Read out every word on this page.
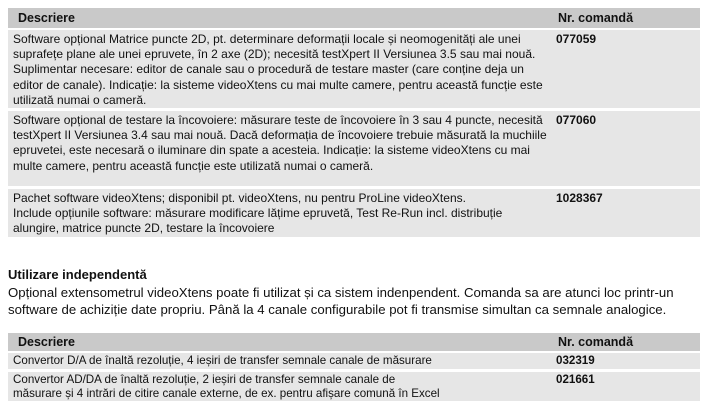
Descriere	Nr. comandă
Software opțional Matrice puncte 2D, pt. determinare deformații locale și neomogenități ale unei suprafețe plane ale unei epruvete, în 2 axe (2D); necesită testXpert II Versiunea 3.5 sau mai nouă. Suplimentar necesare: editor de canale sau o procedură de testare master (care conține deja un editor de canale). Indicație: la sisteme videoXtens cu mai multe camere, pentru această funcție este utilizată numai o cameră.	077059
Software opțional de testare la încovoiere: măsurare teste de încovoiere în 3 sau 4 puncte, necesită testXpert II Versiunea 3.4 sau mai nouă. Dacă deformația de încovoiere trebuie măsurată la muchiile epruvetei, este necesară o iluminare din spate a acesteia. Indicație: la sisteme videoXtens cu mai multe camere, pentru această funcție este utilizată numai o cameră.	077060
Pachet software videoXtens; disponibil pt. videoXtens, nu pentru ProLine videoXtens.
Include opțiunile software: măsurare modificare lățime epruvetă, Test Re-Run incl. distribuție alungire, matrice puncte 2D, testare la încovoiere	1028367
Utilizare independentă
Opțional extensometrul videoXtens poate fi utilizat și ca sistem indenpendent. Comanda sa are atunci loc printr-un software de achiziție date propriu. Până la 4 canale configurabile pot fi transmise simultan ca semnale analogice.
Descriere	Nr. comandă
Convertor D/A de înaltă rezoluție, 4 ieșiri de transfer semnale canale de măsurare	032319
Convertor AD/DA de înaltă rezoluție, 2 ieșiri de transfer semnale canale de
măsurare și 4 intrări de citire canale externe, de ex. pentru afișare comună în Excel	021661
